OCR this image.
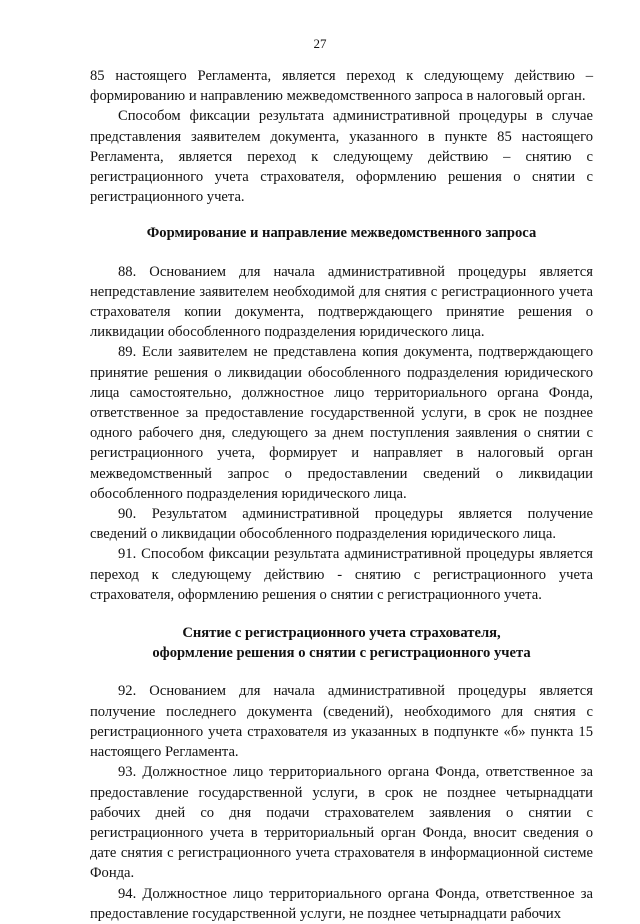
27

85 настоящего Регламента, является переход к следующему действию – формированию и направлению межведомственного запроса в налоговый орган.

Способом фиксации результата административной процедуры в случае представления заявителем документа, указанного в пункте 85 настоящего Регламента, является переход к следующему действию – снятию с регистрационного учета страхователя, оформлению решения о снятии с регистрационного учета.

Формирование и направление межведомственного запроса

88. Основанием для начала административной процедуры является непредставление заявителем необходимой для снятия с регистрационного учета страхователя копии документа, подтверждающего принятие решения о ликвидации обособленного подразделения юридического лица.

89. Если заявителем не представлена копия документа, подтверждающего принятие решения о ликвидации обособленного подразделения юридического лица самостоятельно, должностное лицо территориального органа Фонда, ответственное за предоставление государственной услуги, в срок не позднее одного рабочего дня, следующего за днем поступления заявления о снятии с регистрационного учета, формирует и направляет в налоговый орган межведомственный запрос о предоставлении сведений о ликвидации обособленного подразделения юридического лица.

90. Результатом административной процедуры является получение сведений о ликвидации обособленного подразделения юридического лица.

91. Способом фиксации результата административной процедуры является переход к следующему действию - снятию с регистрационного учета страхователя, оформлению решения о снятии с регистрационного учета.

Снятие с регистрационного учета страхователя,
оформление решения о снятии с регистрационного учета

92. Основанием для начала административной процедуры является получение последнего документа (сведений), необходимого для снятия с регистрационного учета страхователя из указанных в подпункте «б» пункта 15 настоящего Регламента.

93. Должностное лицо территориального органа Фонда, ответственное за предоставление государственной услуги, в срок не позднее четырнадцати рабочих дней со дня подачи страхователем заявления о снятии с регистрационного учета в территориальный орган Фонда, вносит сведения о дате снятия с регистрационного учета страхователя в информационной системе Фонда.

94. Должностное лицо территориального органа Фонда, ответственное за предоставление государственной услуги, не позднее четырнадцати рабочих
